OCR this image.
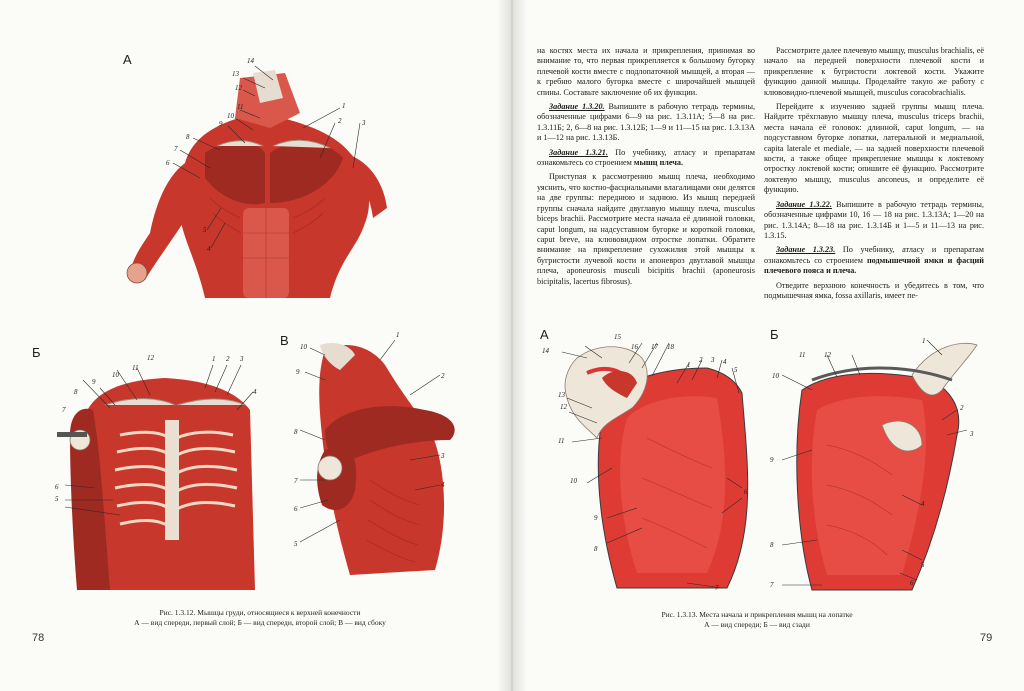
А	14
13
12
11
10
9
8
7
6
5
4
3
2
1
Б	12
11
10
9
8
7
1 2 3
4
6
5
В	1
10
9	2
8
3
7	4
6
5
Рис. 1.3.12. Мышцы груди, относящиеся к верхней конечности
А — вид спереди, первый слой; Б — вид спереди, второй слой; В — вид сбоку
78

на костях места их начала и прикрепления, принимая во внимание то, что первая прикрепляется к большому бугорку плечевой кости вместе с подлопаточной мышцей, а вторая — к гребню малого бугорка вместе с широчайшей мышцей спины. Составьте заключение об их функции.

Задание 1.3.20. Выпишите в рабочую тетрадь термины, обозначенные цифрами 6—9 на рис. 1.3.11А; 5—8 на рис. 1.3.11Б; 2, 6—8 на рис. 1.3.12Б; 1—9 и 11—15 на рис. 1.3.13А и 1—12 на рис. 1.3.13Б.

Задание 1.3.21. По учебнику, атласу и препаратам ознакомьтесь со строением мышц плеча.

Приступая к рассмотрению мышц плеча, необходимо уяснить, что костно-фасциальными влагалищами они делятся на две группы: переднюю и заднюю. Из мышц передней группы сначала найдите двуглавую мышцу плеча, musculus biceps brachii. Рассмотрите места начала её длинной головки, caput longum, на надсуставном бугорке и короткой головки, caput breve, на клювовидном отростке лопатки. Обратите внимание на прикрепление сухожилия этой мышцы к бугристости лучевой кости и апоневроз двуглавой мышцы плеча, aponeurosis musculi bicipitis brachii (aponeurosis bicipitalis, lacertus fibrosus).

Рассмотрите далее плечевую мышцу, musculus brachialis, её начало на передней поверхности плечевой кости и прикрепление к бугристости локтевой кости. Укажите функцию данной мышцы. Проделайте такую же работу с клювовидно-плечевой мышцей, musculus coracobrachialis.

Перейдите к изучению задней группы мышц плеча. Найдите трёхглавую мышцу плеча, musculus triceps brachii, места начала её головок: длинной, caput longum, — на подсуставном бугорке лопатки, латеральной и медиальной, capita laterale et mediale, — на задней поверхности плечевой кости, а также общее прикрепление мышцы к локтевому отростку локтевой кости; опишите её функцию. Рассмотрите локтевую мышцу, musculus anconeus, и определите её функцию.

Задание 1.3.22. Выпишите в рабочую тетрадь термины, обозначенные цифрами 10, 16 — 18 на рис. 1.3.13А; 1—20 на рис. 1.3.14А; 8—18 на рис. 1.3.14Б и 1—5 и 11—13 на рис. 1.3.15.

Задание 1.3.23. По учебнику, атласу и препаратам ознакомьтесь со строением подмышечной ямки и фасций плечевого пояса и плеча.

Отведите верхнюю конечность и убедитесь в том, что подмышечная ямка, fossa axillaris, имеет пе-

А	15
14	16 17 18
13
12
11
10
9
8
1
2 3 4
5
6
7
Б
10
11	12
9
8
7
1
2
3
4
5
6
Рис. 1.3.13. Места начала и прикрепления мышц на лопатке
А — вид спереди; Б — вид сзади
79
